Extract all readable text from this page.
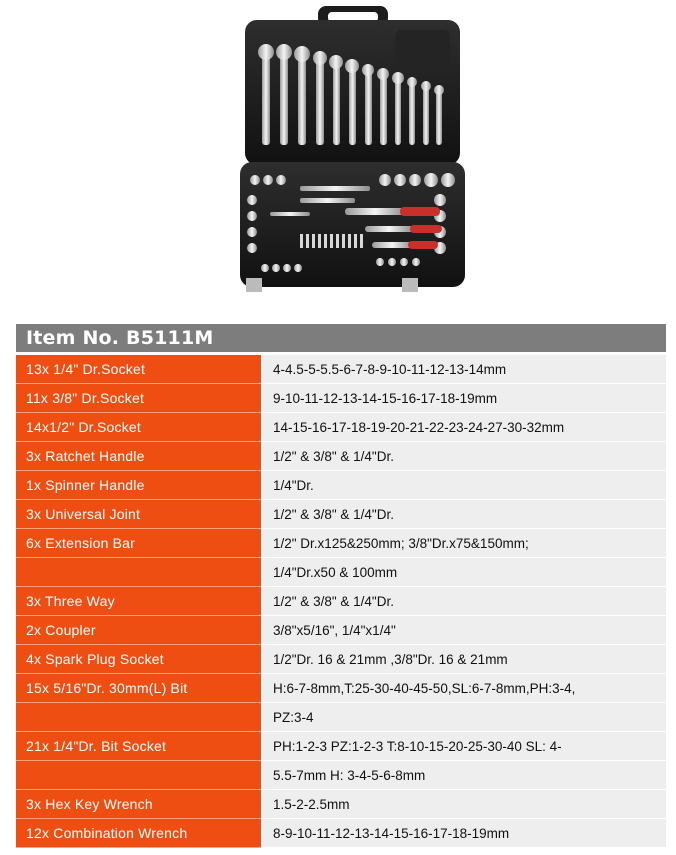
Item No. B5111M
13x 1/4" Dr.Socket	4-4.5-5-5.5-6-7-8-9-10-11-12-13-14mm
11x 3/8" Dr.Socket	9-10-11-12-13-14-15-16-17-18-19mm
14x1/2" Dr.Socket	14-15-16-17-18-19-20-21-22-23-24-27-30-32mm
3x Ratchet Handle	1/2" & 3/8" & 1/4"Dr.
1x Spinner Handle	1/4"Dr.
3x Universal Joint	1/2" & 3/8" & 1/4"Dr.
6x Extension Bar	1/2" Dr.x125&250mm; 3/8"Dr.x75&150mm;
1/4"Dr.x50 & 100mm
3x Three Way	1/2" & 3/8" & 1/4"Dr.
2x Coupler	3/8"x5/16", 1/4"x1/4"
4x Spark Plug Socket	1/2"Dr. 16 & 21mm ,3/8"Dr. 16 & 21mm
15x 5/16"Dr. 30mm(L) Bit	H:6-7-8mm,T:25-30-40-45-50,SL:6-7-8mm,PH:3-4,
PZ:3-4
21x 1/4"Dr. Bit Socket	PH:1-2-3 PZ:1-2-3 T:8-10-15-20-25-30-40 SL: 4-
5.5-7mm H: 3-4-5-6-8mm
3x Hex Key Wrench	1.5-2-2.5mm
12x Combination Wrench	8-9-10-11-12-13-14-15-16-17-18-19mm
